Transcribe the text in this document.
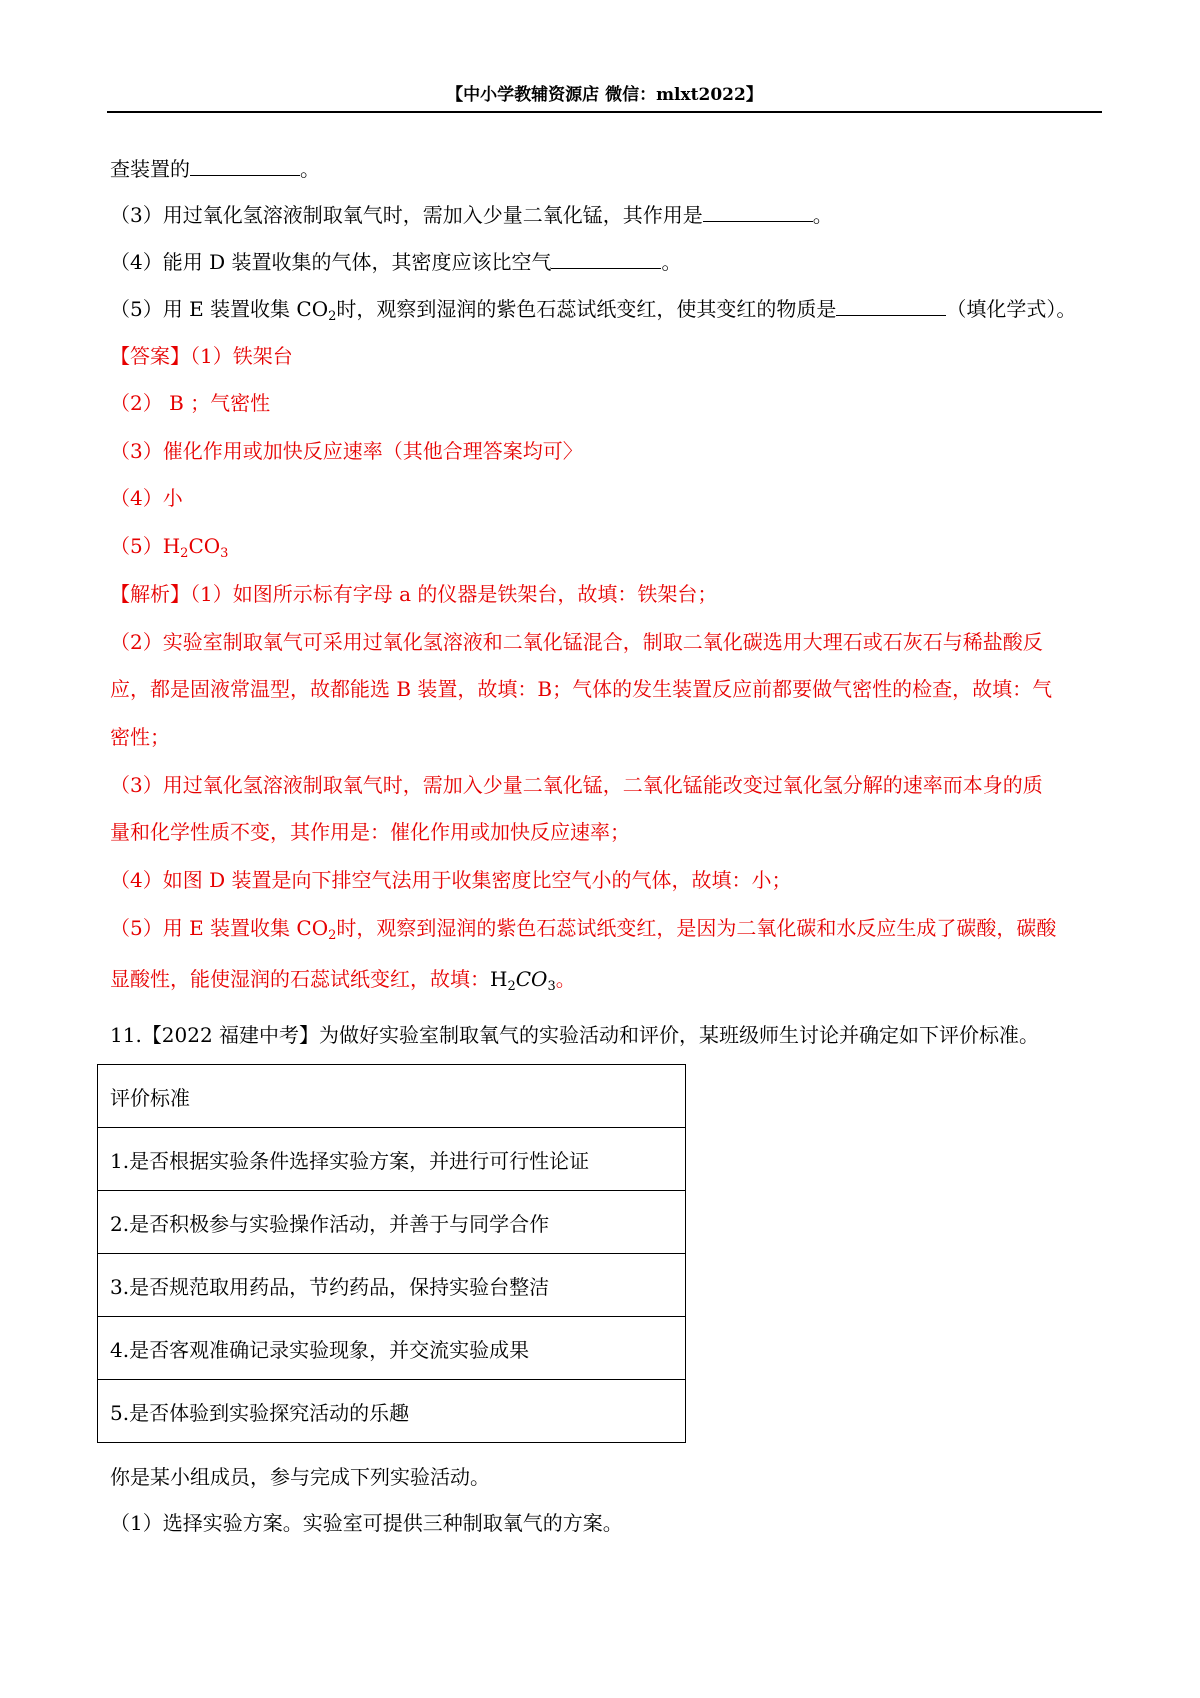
【中小学教辅资源店 微信：mlxt2022】
查装置的	。
（3）用过氧化氢溶液制取氧气时，需加入少量二氧化锰，其作用是	。
（4）能用 D 装置收集的气体，其密度应该比空气	。
（5）用 E 装置收集 $CO_2$时，观察到湿润的紫色石蕊试纸变红，使其变红的物质是	（填化学式）。
【答案】（1）铁架台
（2） B ；气密性
（3）催化作用或加快反应速率（其他合理答案均可〉
（4）小
$(5)H_2CO_3$
【解析】（1）如图所示标有字母 a 的仪器是铁架台，故填：铁架台；
（2）实验室制取氧气可采用过氧化氢溶液和二氧化锰混合，制取二氧化碳选用大理石或石灰石与稀盐酸反
应，都是固液常温型，故都能选 B 装置，故填：B；气体的发生装置反应前都要做气密性的检查，故填：气
密性；
（3）用过氧化氢溶液制取氧气时，需加入少量二氧化锰，二氧化锰能改变过氧化氢分解的速率而本身的质
量和化学性质不变，其作用是：催化作用或加快反应速率；
（4）如图 D 装置是向下排空气法用于收集密度比空气小的气体，故填：小；
（5）用 E 装置收集 $CO_2$时，观察到湿润的紫色石蕊试纸变红，是因为二氧化碳和水反应生成了碳酸，碳酸
显酸性，能使湿润的石蕊试纸变红，故填：$H_2CO_3$。
11.【2022 福建中考】为做好实验室制取氧气的实验活动和评价，某班级师生讨论并确定如下评价标准。
评价标准
1.是否根据实验条件选择实验方案，并进行可行性论证
2.是否积极参与实验操作活动，并善于与同学合作
3.是否规范取用药品，节约药品，保持实验台整洁
4.是否客观准确记录实验现象，并交流实验成果
5.是否体验到实验探究活动的乐趣
你是某小组成员，参与完成下列实验活动。
（1）选择实验方案。实验室可提供三种制取氧气的方案。
